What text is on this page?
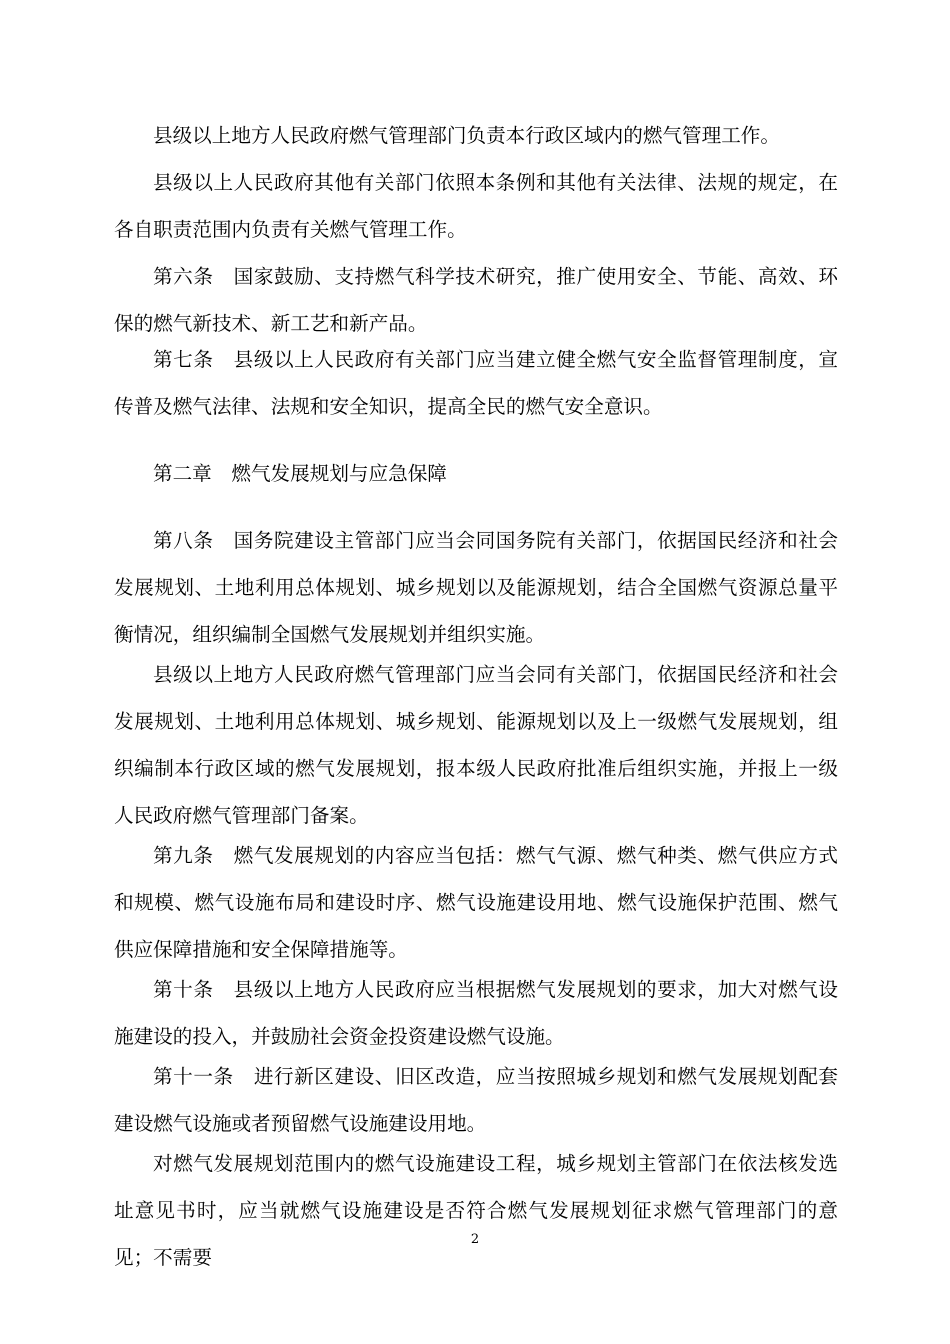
县级以上地方人民政府燃气管理部门负责本行政区域内的燃气管理工作。

县级以上人民政府其他有关部门依照本条例和其他有关法律、法规的规定，在各自职责范围内负责有关燃气管理工作。

第六条　国家鼓励、支持燃气科学技术研究，推广使用安全、节能、高效、环保的燃气新技术、新工艺和新产品。

第七条　县级以上人民政府有关部门应当建立健全燃气安全监督管理制度，宣传普及燃气法律、法规和安全知识，提高全民的燃气安全意识。

第二章　燃气发展规划与应急保障

第八条　国务院建设主管部门应当会同国务院有关部门，依据国民经济和社会发展规划、土地利用总体规划、城乡规划以及能源规划，结合全国燃气资源总量平衡情况，组织编制全国燃气发展规划并组织实施。

县级以上地方人民政府燃气管理部门应当会同有关部门，依据国民经济和社会发展规划、土地利用总体规划、城乡规划、能源规划以及上一级燃气发展规划，组织编制本行政区域的燃气发展规划，报本级人民政府批准后组织实施，并报上一级人民政府燃气管理部门备案。

第九条　燃气发展规划的内容应当包括：燃气气源、燃气种类、燃气供应方式和规模、燃气设施布局和建设时序、燃气设施建设用地、燃气设施保护范围、燃气供应保障措施和安全保障措施等。

第十条　县级以上地方人民政府应当根据燃气发展规划的要求，加大对燃气设施建设的投入，并鼓励社会资金投资建设燃气设施。

第十一条　进行新区建设、旧区改造，应当按照城乡规划和燃气发展规划配套建设燃气设施或者预留燃气设施建设用地。

对燃气发展规划范围内的燃气设施建设工程，城乡规划主管部门在依法核发选址意见书时，应当就燃气设施建设是否符合燃气发展规划征求燃气管理部门的意见；不需要

2
